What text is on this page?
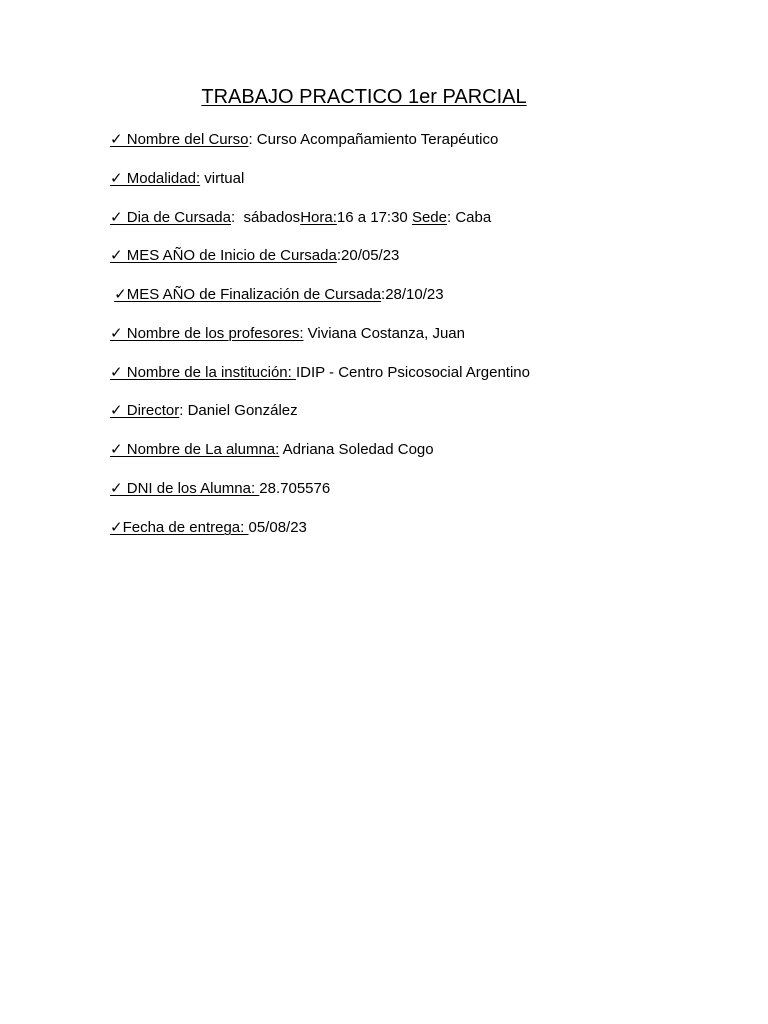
TRABAJO PRACTICO 1er PARCIAL
✓ Nombre del Curso: Curso Acompañamiento Terapéutico
✓ Modalidad: virtual
✓ Dia de Cursada:  sábadosHora:16 a 17:30 Sede: Caba
✓ MES AÑO de Inicio de Cursada:20/05/23
✓MES AÑO de Finalización de Cursada:28/10/23
✓ Nombre de los profesores: Viviana Costanza, Juan
✓ Nombre de la institución: IDIP - Centro Psicosocial Argentino
✓ Director: Daniel González
✓ Nombre de La alumna: Adriana Soledad Cogo
✓ DNI de los Alumna: 28.705576
✓Fecha de entrega: 05/08/23
